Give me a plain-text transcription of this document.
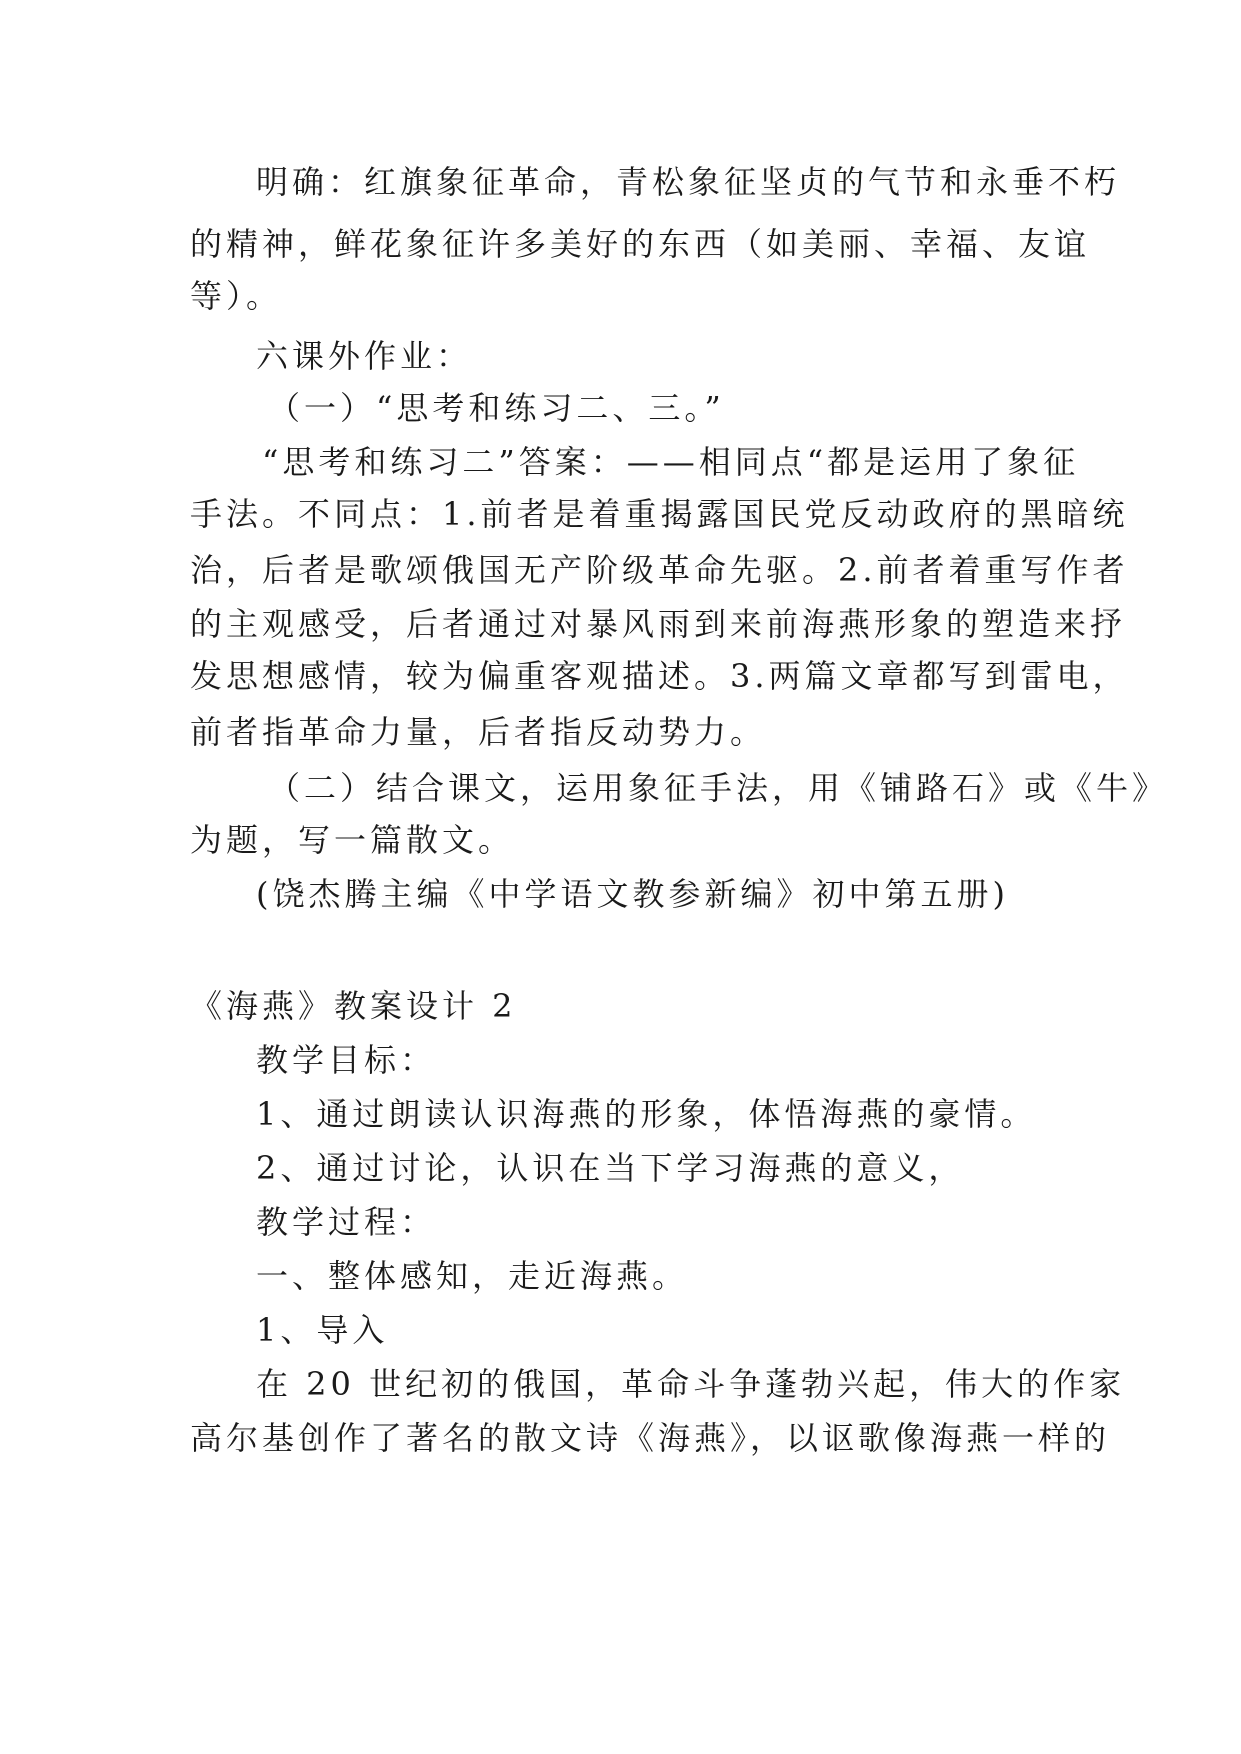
明确：红旗象征革命，青松象征坚贞的气节和永垂不朽
的精神，鲜花象征许多美好的东西（如美丽、幸福、友谊
等）。
六课外作业：
（一）“思考和练习二、三。”
“思考和练习二”答案：——相同点“都是运用了象征
手法。不同点：1.前者是着重揭露国民党反动政府的黑暗统
治，后者是歌颂俄国无产阶级革命先驱。2.前者着重写作者
的主观感受，后者通过对暴风雨到来前海燕形象的塑造来抒
发思想感情，较为偏重客观描述。3.两篇文章都写到雷电，
前者指革命力量，后者指反动势力。
（二）结合课文，运用象征手法，用《铺路石》或《牛》
为题，写一篇散文。
(饶杰腾主编《中学语文教参新编》初中第五册)
《海燕》教案设计 2
教学目标：
1、通过朗读认识海燕的形象，体悟海燕的豪情。
2、通过讨论，认识在当下学习海燕的意义，
教学过程：
一、整体感知，走近海燕。
1、导入
在 20 世纪初的俄国，革命斗争蓬勃兴起，伟大的作家
高尔基创作了著名的散文诗《海燕》，以讴歌像海燕一样的
